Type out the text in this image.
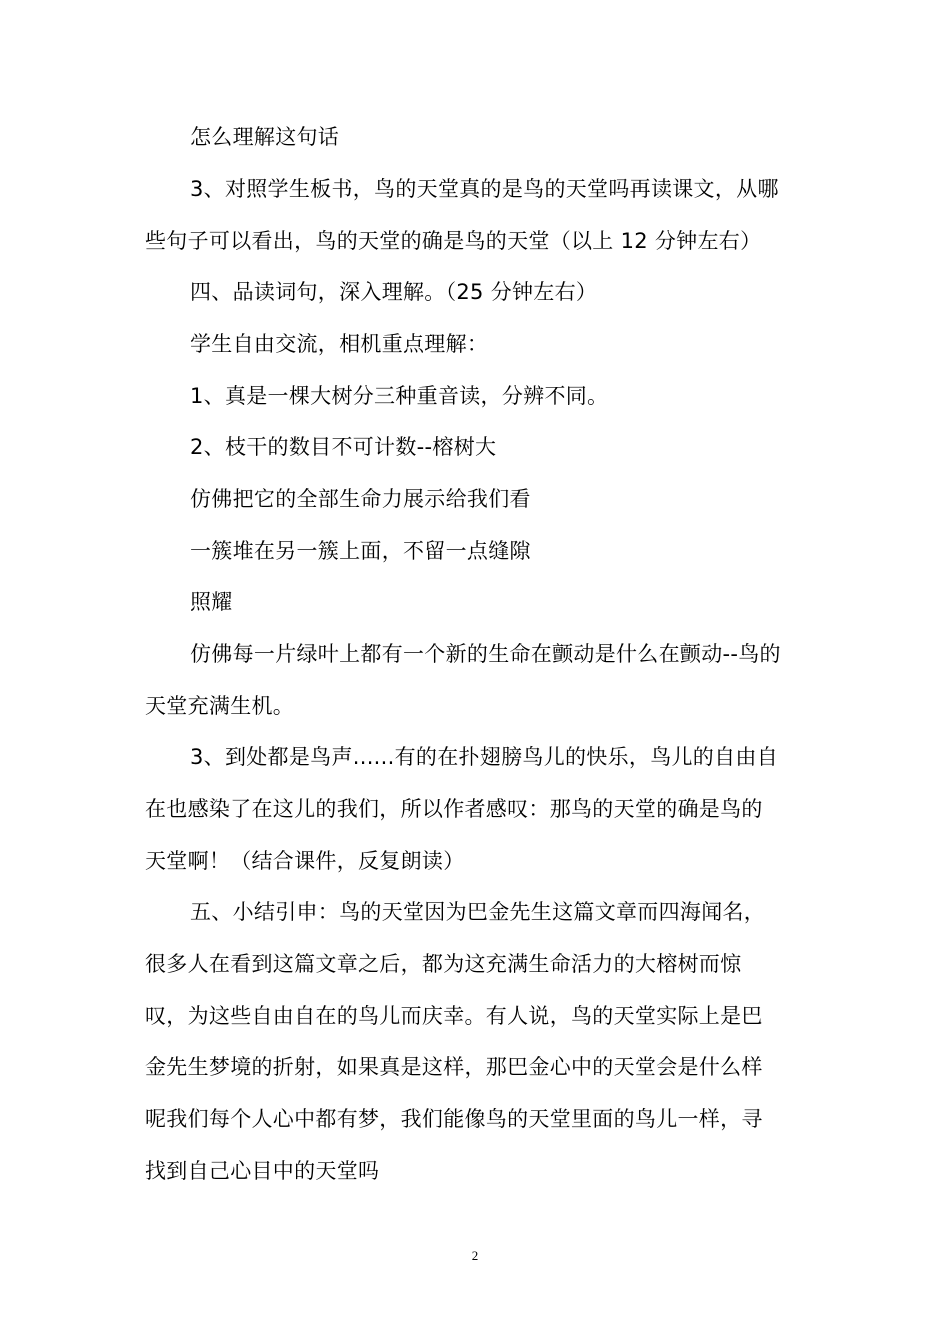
怎么理解这句话
3、对照学生板书，鸟的天堂真的是鸟的天堂吗再读课文，从哪
些句子可以看出，鸟的天堂的确是鸟的天堂（以上 12 分钟左右）
四、品读词句，深入理解。（25 分钟左右）
学生自由交流，相机重点理解：
1、真是一棵大树分三种重音读，分辨不同。
2、枝干的数目不可计数--榕树大
仿佛把它的全部生命力展示给我们看
一簇堆在另一簇上面，不留一点缝隙
照耀
仿佛每一片绿叶上都有一个新的生命在颤动是什么在颤动--鸟的
天堂充满生机。
3、到处都是鸟声......有的在扑翅膀鸟儿的快乐，鸟儿的自由自
在也感染了在这儿的我们，所以作者感叹：那鸟的天堂的确是鸟的
天堂啊！（结合课件，反复朗读）
五、小结引申：鸟的天堂因为巴金先生这篇文章而四海闻名，
很多人在看到这篇文章之后，都为这充满生命活力的大榕树而惊
叹，为这些自由自在的鸟儿而庆幸。有人说，鸟的天堂实际上是巴
金先生梦境的折射，如果真是这样，那巴金心中的天堂会是什么样
呢我们每个人心中都有梦，我们能像鸟的天堂里面的鸟儿一样，寻
找到自己心目中的天堂吗
2
